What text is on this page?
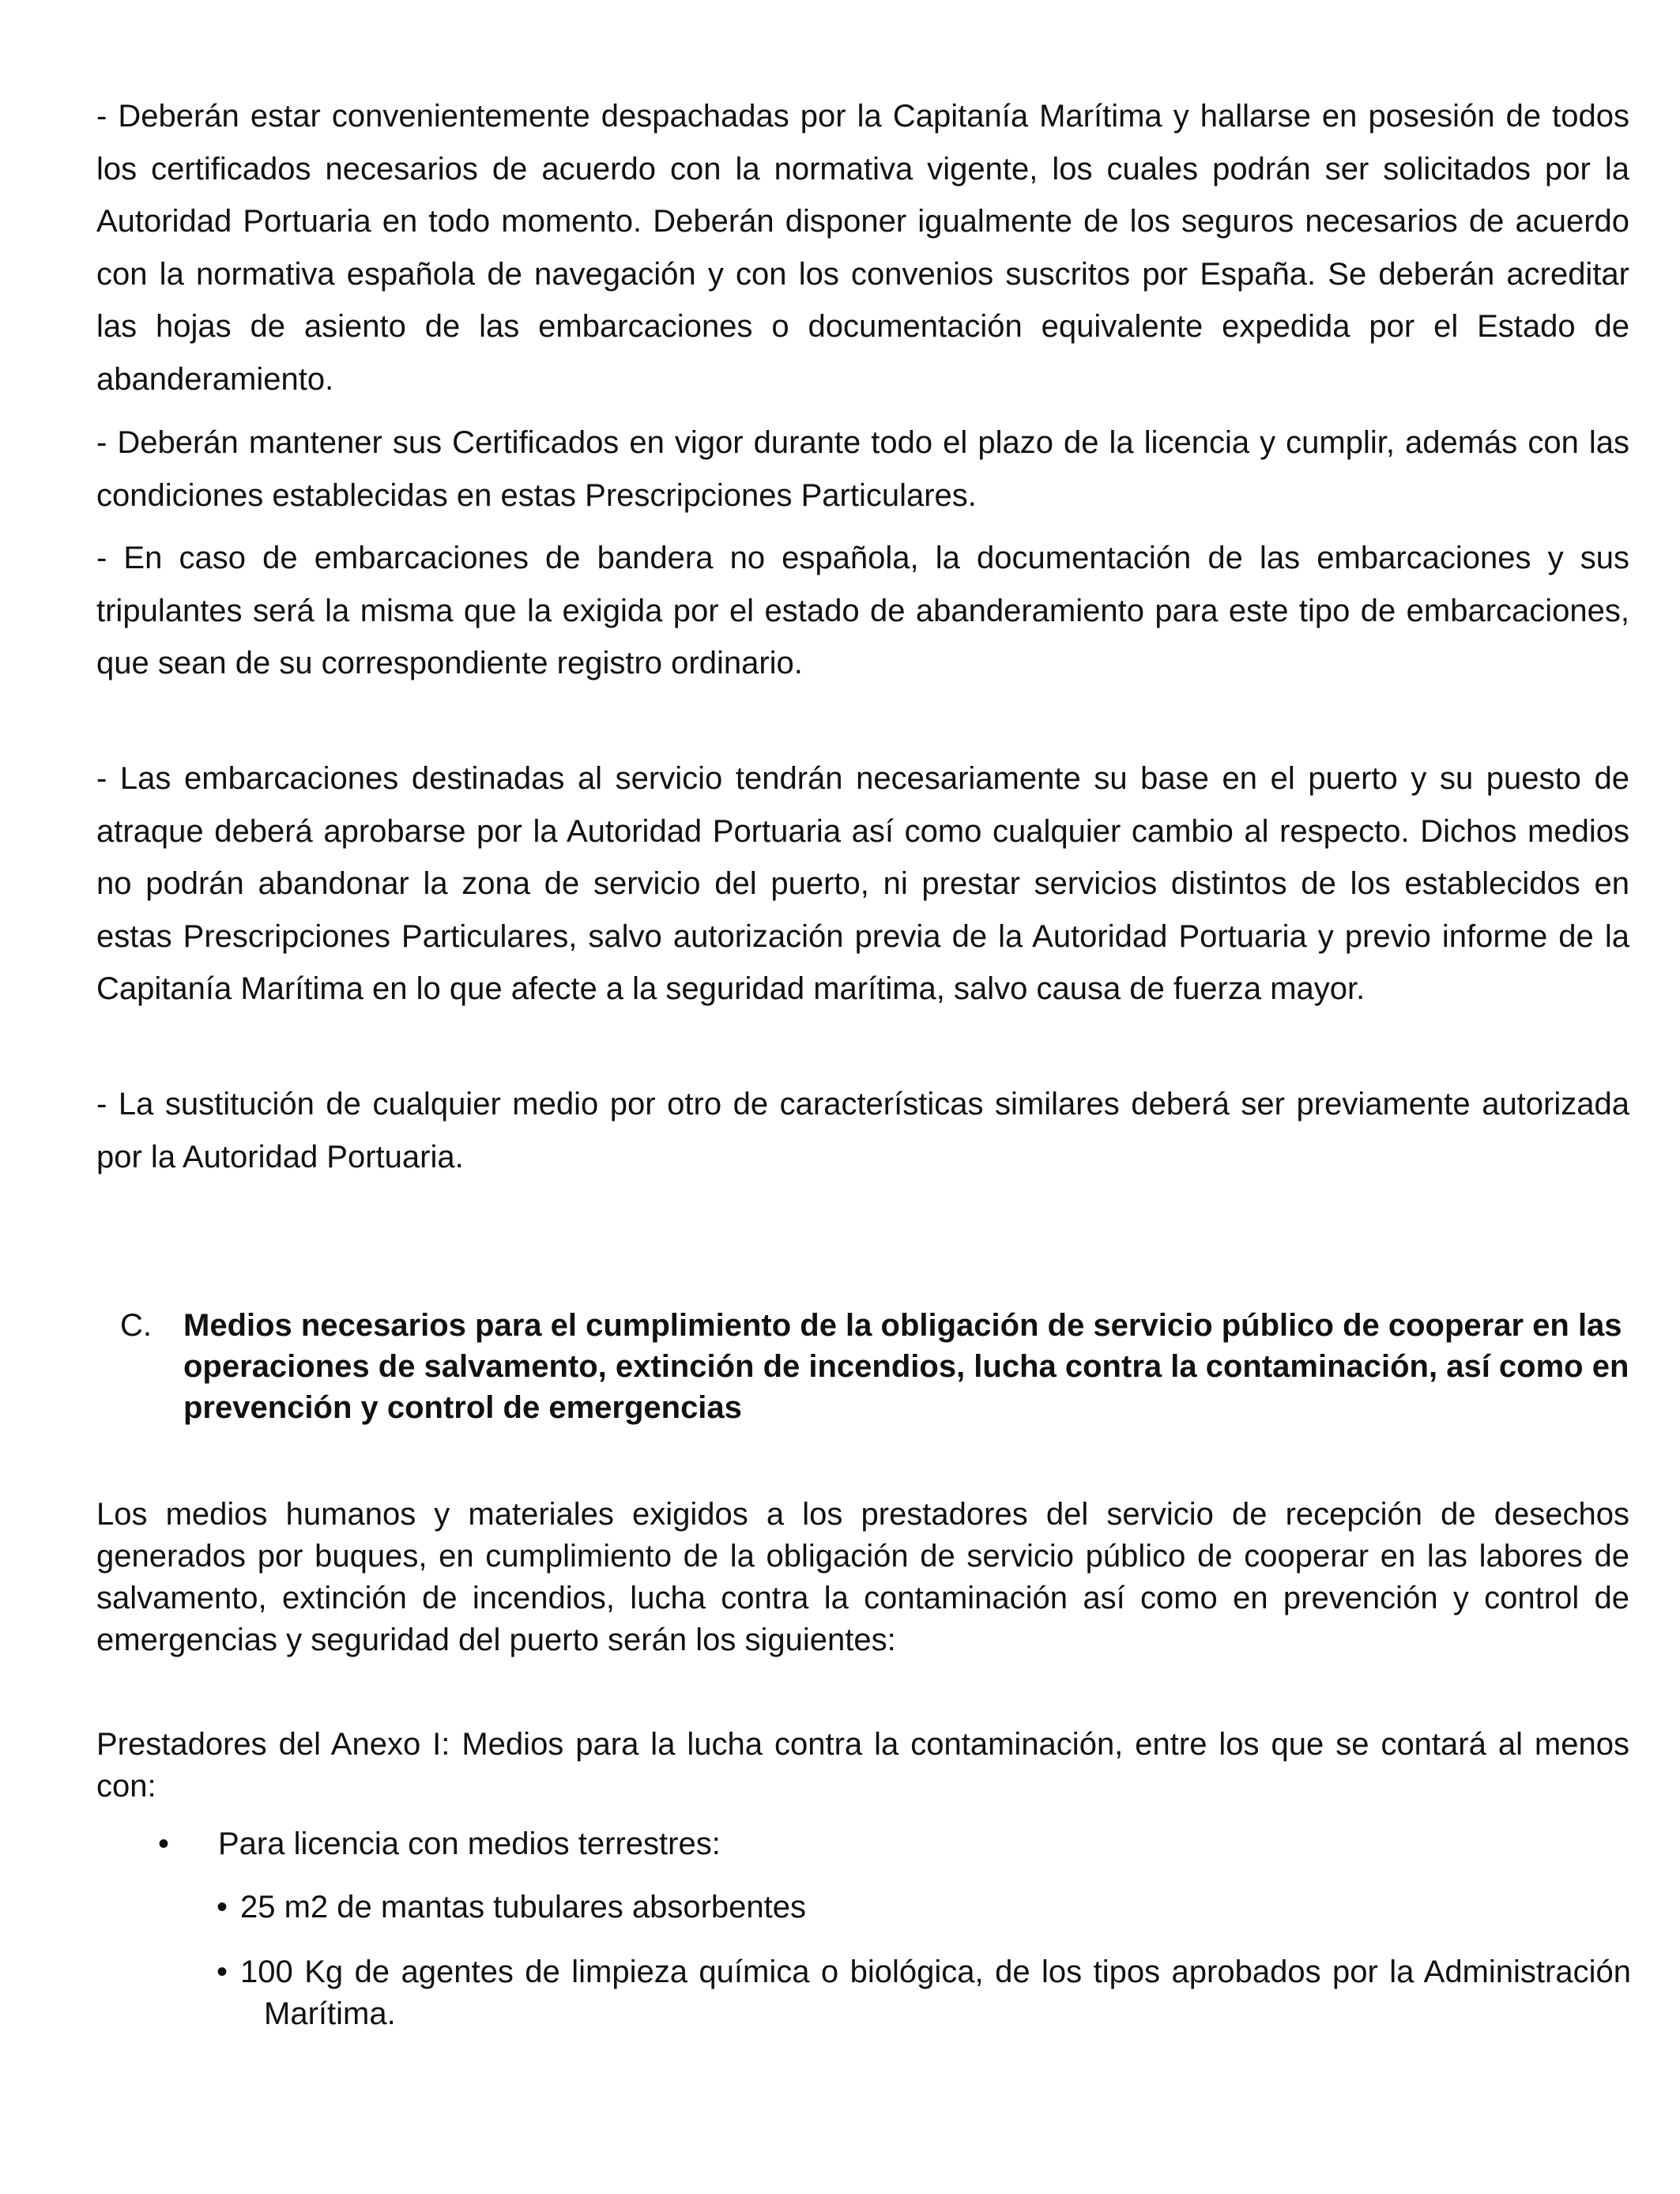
- Deberán estar convenientemente despachadas por la Capitanía Marítima y hallarse en posesión de todos los certificados necesarios de acuerdo con la normativa vigente, los cuales podrán ser solicitados por la Autoridad Portuaria en todo momento. Deberán disponer igualmente de los seguros necesarios de acuerdo con la normativa española de navegación y con los convenios suscritos por España. Se deberán acreditar las hojas de asiento de las embarcaciones o documentación equivalente expedida por el Estado de abanderamiento.

- Deberán mantener sus Certificados en vigor durante todo el plazo de la licencia y cumplir, además con las condiciones establecidas en estas Prescripciones Particulares.

- En caso de embarcaciones de bandera no española, la documentación de las embarcaciones y sus tripulantes será la misma que la exigida por el estado de abanderamiento para este tipo de embarcaciones, que sean de su correspondiente registro ordinario.

- Las embarcaciones destinadas al servicio tendrán necesariamente su base en el puerto y su puesto de atraque deberá aprobarse por la Autoridad Portuaria así como cualquier cambio al respecto. Dichos medios no podrán abandonar la zona de servicio del puerto, ni prestar servicios distintos de los establecidos en estas Prescripciones Particulares, salvo autorización previa de la Autoridad Portuaria y previo informe de la Capitanía Marítima en lo que afecte a la seguridad marítima, salvo causa de fuerza mayor.

- La sustitución de cualquier medio por otro de características similares deberá ser previamente autorizada por la Autoridad Portuaria.

C. Medios necesarios para el cumplimiento de la obligación de servicio público de cooperar en las operaciones de salvamento, extinción de incendios, lucha contra la contaminación, así como en prevención y control de emergencias

Los medios humanos y materiales exigidos a los prestadores del servicio de recepción de desechos generados por buques, en cumplimiento de la obligación de servicio público de cooperar en las labores de salvamento, extinción de incendios, lucha contra la contaminación así como en prevención y control de emergencias y seguridad del puerto serán los siguientes:

Prestadores del Anexo I: Medios para la lucha contra la contaminación, entre los que se contará al menos con:

• Para licencia con medios terrestres:
• 25 m2 de mantas tubulares absorbentes
• 100 Kg de agentes de limpieza química o biológica, de los tipos aprobados por la Administración Marítima.
